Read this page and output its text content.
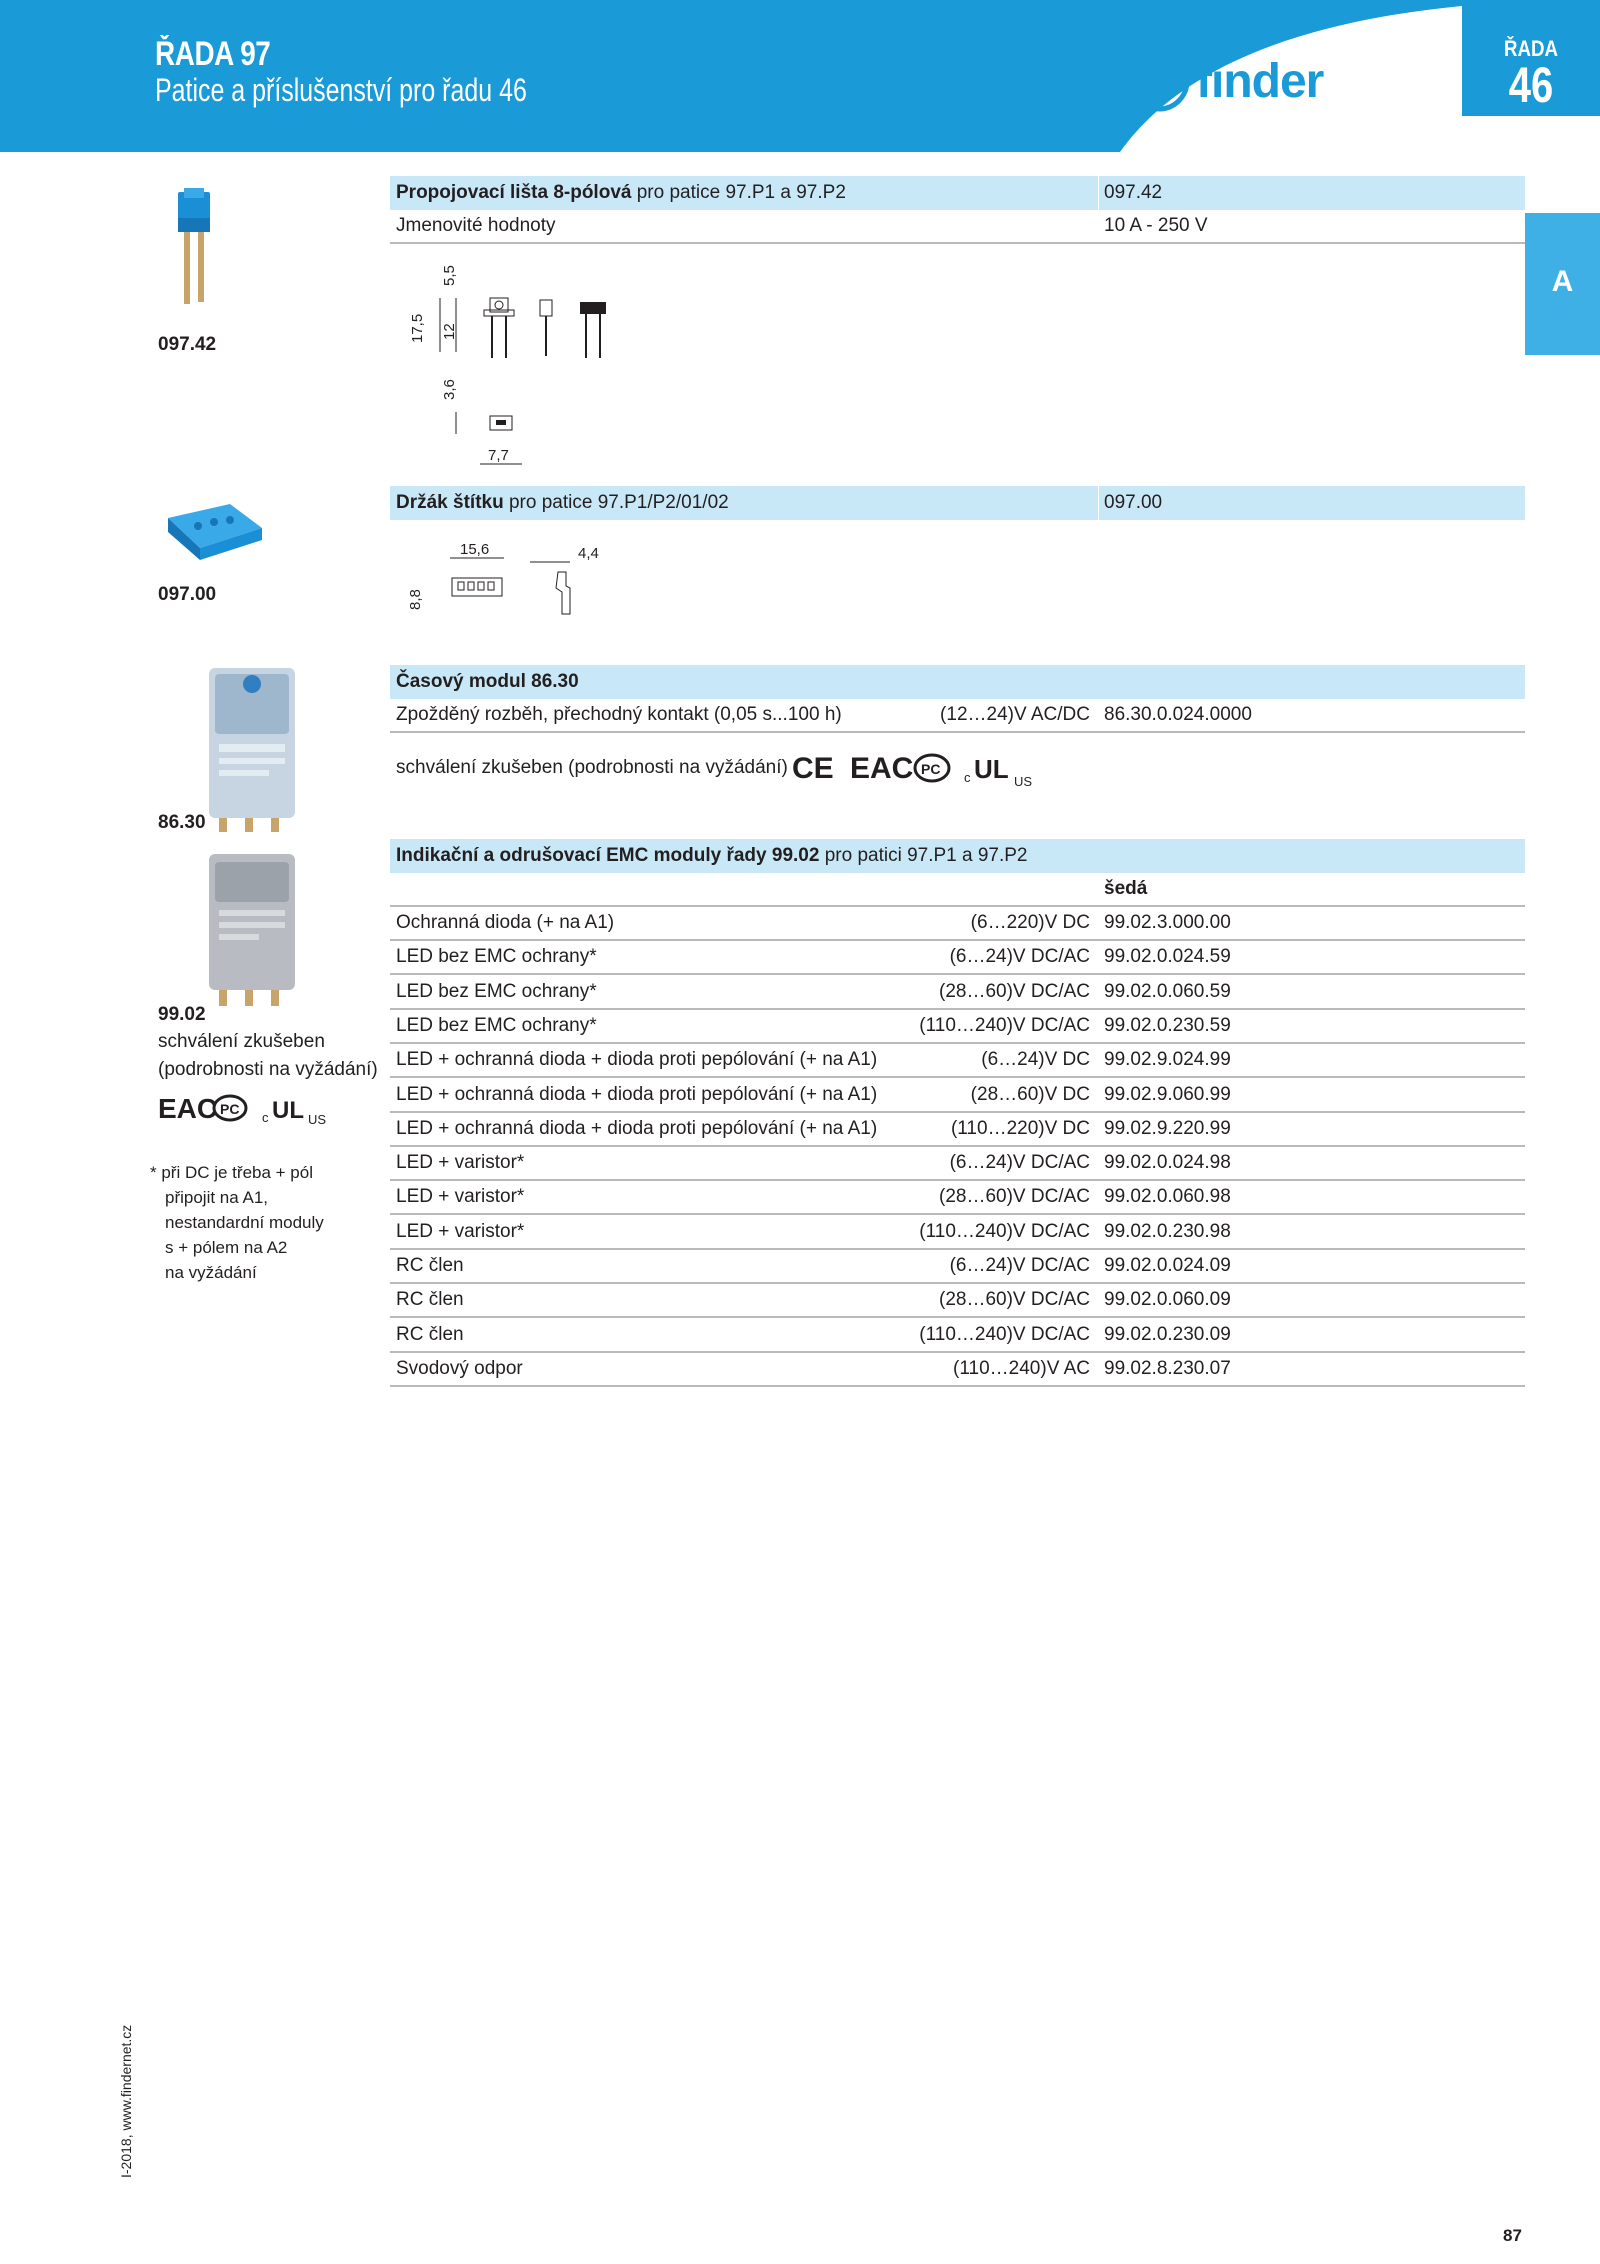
ŘADA 97
Patice a příslušenství pro řadu 46	finder
ŘADA
46
A
097.42
097.00
86.30
99.02
schválení zkušeben
(podrobnosti na vyžádání)
EAC PC
c UL US
* při DC je třeba + pól
připojit na A1,
nestandardní moduly
s + pólem na A2
na vyžádání
Propojovací lišta 8-pólová pro patice 97.P1 a 97.P2	097.42
Jmenovité hodnoty	10 A - 250 V
5,5
17,5 12
3,6
7,7
Držák štítku pro patice 97.P1/P2/01/02	097.00
15,6
8,8
4,4
Časový modul 86.30
Zpožděný rozběh, přechodný kontakt (0,05 s...100 h)	(12…24)V AC/DC 86.30.0.024.0000
schválení zkušeben (podrobnosti na vyžádání) CE EAC PC
c UL US
Indikační a odrušovací EMC moduly řady 99.02 pro patici 97.P1 a 97.P2
šedá
Ochranná dioda (+ na A1)	(6…220)V DC 99.02.3.000.00
LED bez EMC ochrany*	(6…24)V DC/AC 99.02.0.024.59
LED bez EMC ochrany*	(28…60)V DC/AC 99.02.0.060.59
LED bez EMC ochrany*	(110…240)V DC/AC 99.02.0.230.59
LED + ochranná dioda + dioda proti pepólování (+ na A1)	(6…24)V DC 99.02.9.024.99
LED + ochranná dioda + dioda proti pepólování (+ na A1)	(28…60)V DC 99.02.9.060.99
LED + ochranná dioda + dioda proti pepólování (+ na A1)	(110…220)V DC 99.02.9.220.99
LED + varistor*	(6…24)V DC/AC 99.02.0.024.98
LED + varistor*	(28…60)V DC/AC 99.02.0.060.98
LED + varistor*	(110…240)V DC/AC 99.02.0.230.98
RC člen	(6…24)V DC/AC 99.02.0.024.09
RC člen	(28…60)V DC/AC 99.02.0.060.09
RC člen	(110…240)V DC/AC 99.02.0.230.09
Svodový odpor	(110…240)V AC 99.02.8.230.07
I-2018, www.findernet.cz
87
